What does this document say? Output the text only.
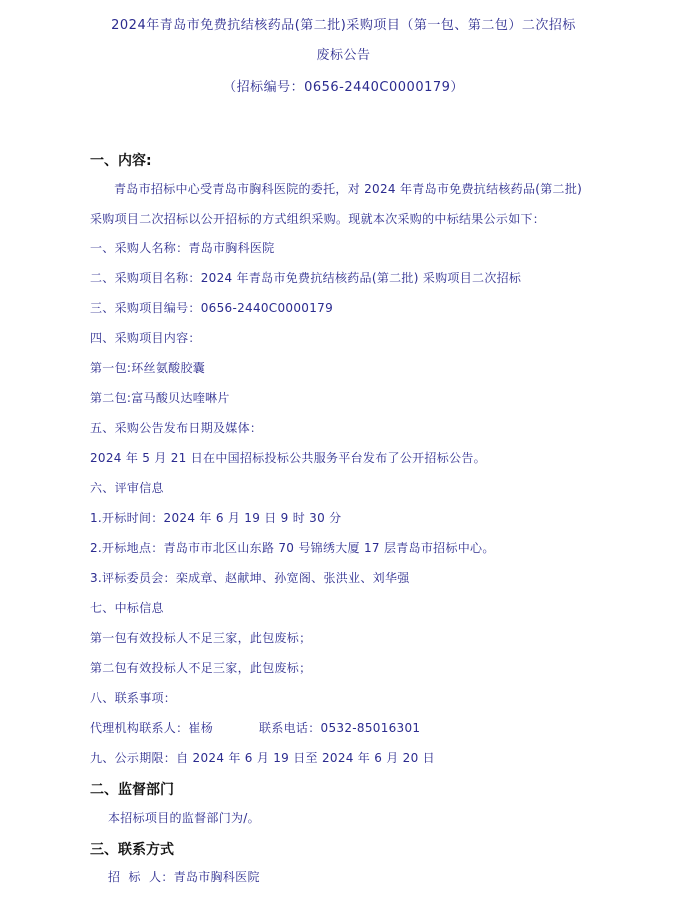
2024年青岛市免费抗结核药品(第二批)采购项目（第一包、第二包）二次招标
废标公告
（招标编号：0656-2440C0000179）
一、内容:
青岛市招标中心受青岛市胸科医院的委托，对 2024 年青岛市免费抗结核药品(第二批)
采购项目二次招标以公开招标的方式组织采购。现就本次采购的中标结果公示如下：
一、采购人名称：青岛市胸科医院
二、采购项目名称：2024 年青岛市免费抗结核药品(第二批) 采购项目二次招标
三、采购项目编号：0656-2440C0000179
四、采购项目内容：
第一包:环丝氨酸胶囊
第二包:富马酸贝达喹啉片
五、采购公告发布日期及媒体：
2024 年 5 月 21 日在中国招标投标公共服务平台发布了公开招标公告。
六、评审信息
1.开标时间：2024 年 6 月 19 日 9 时 30 分
2.开标地点：青岛市市北区山东路 70 号锦绣大厦 17 层青岛市招标中心。
3.评标委员会：栾成章、赵献坤、孙宽阁、张洪业、刘华强
七、中标信息
第一包有效投标人不足三家，此包废标；
第二包有效投标人不足三家，此包废标；
八、联系事项：
代理机构联系人：崔杨	联系电话：0532-85016301
九、公示期限：自 2024 年 6 月 19 日至 2024 年 6 月 20 日
二、监督部门
本招标项目的监督部门为/。
三、联系方式
招  标  人：青岛市胸科医院
